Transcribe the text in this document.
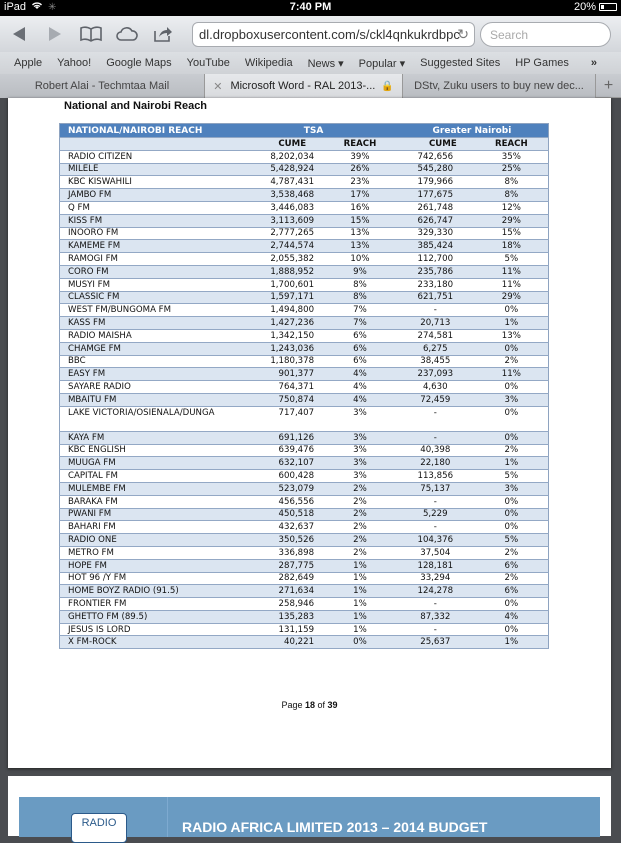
iPad ✳	7:40 PM	20%
dl.dropboxusercontent.com/s/ckl4qnkukrdbpc
↻	Search
Apple Yahoo! Google Maps YouTube Wikipedia News ▾ Popular ▾ Suggested Sites HP Games »
Robert Alai - Techmtaa Mail	✕ Microsoft Word - RAL 2013-... 🔒 DStv, Zuku users to buy new dec...	+
National and Nairobi Reach
NATIONAL/NAIROBI REACH	TSA		Greater Nairobi	
	CUME	REACH	CUME	REACH
RADIO CITIZEN	8,202,034	39%	742,656	35%
MILELE	5,428,924	26%	545,280	25%
KBC KISWAHILI	4,787,431	23%	179,966	8%
JAMBO FM	3,538,468	17%	177,675	8%
Q FM	3,446,083	16%	261,748	12%
KISS FM	3,113,609	15%	626,747	29%
INOORO FM	2,777,265	13%	329,330	15%
KAMEME FM	2,744,574	13%	385,424	18%
RAMOGI FM	2,055,382	10%	112,700	5%
CORO FM	1,888,952	9%	235,786	11%
MUSYI FM	1,700,601	8%	233,180	11%
CLASSIC FM	1,597,171	8%	621,751	29%
WEST FM/BUNGOMA FM	1,494,800	7%	-	0%
KASS FM	1,427,236	7%	20,713	1%
RADIO MAISHA	1,342,150	6%	274,581	13%
CHAMGE FM	1,243,036	6%	6,275	0%
BBC	1,180,378	6%	38,455	2%
EASY FM	901,377	4%	237,093	11%
SAYARE RADIO	764,371	4%	4,630	0%
MBAITU FM	750,874	4%	72,459	3%
LAKE VICTORIA/OSIENALA/DUNGA	717,407	3%	-	0%
KAYA FM	691,126	3%	-	0%
KBC ENGLISH	639,476	3%	40,398	2%
MUUGA FM	632,107	3%	22,180	1%
CAPITAL FM	600,428	3%	113,856	5%
MULEMBE FM	523,079	2%	75,137	3%
BARAKA FM	456,556	2%	-	0%
PWANI FM	450,518	2%	5,229	0%
BAHARI FM	432,637	2%	-	0%
RADIO ONE	350,526	2%	104,376	5%
METRO FM	336,898	2%	37,504	2%
HOPE FM	287,775	1%	128,181	6%
HOT 96 /Y FM	282,649	1%	33,294	2%
HOME BOYZ RADIO (91.5)	271,634	1%	124,278	6%
FRONTIER FM	258,946	1%	-	0%
GHETTO FM (89.5)	135,283	1%	87,332	4%
JESUS IS LORD	131,159	1%	-	0%
X FM-ROCK	40,221	0%	25,637	1%
Page 18 of 39
RADIO	RADIO AFRICA LIMITED 2013 – 2014 BUDGET
